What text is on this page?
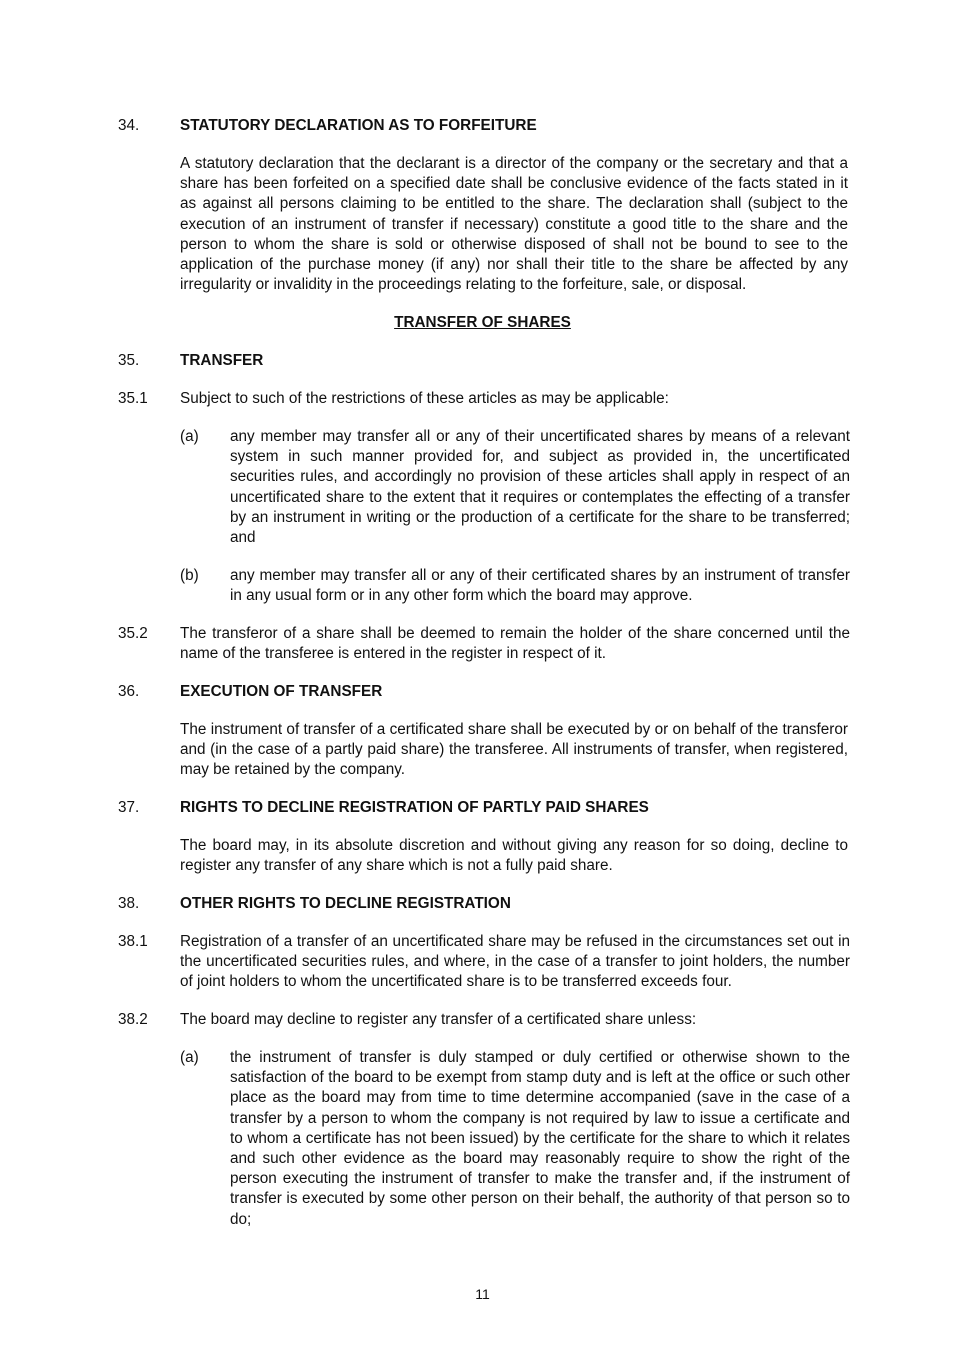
34.	STATUTORY DECLARATION AS TO FORFEITURE
A statutory declaration that the declarant is a director of the company or the secretary and that a share has been forfeited on a specified date shall be conclusive evidence of the facts stated in it as against all persons claiming to be entitled to the share. The declaration shall (subject to the execution of an instrument of transfer if necessary) constitute a good title to the share and the person to whom the share is sold or otherwise disposed of shall not be bound to see to the application of the purchase money (if any) nor shall their title to the share be affected by any irregularity or invalidity in the proceedings relating to the forfeiture, sale, or disposal.
TRANSFER OF SHARES
35.	TRANSFER
35.1	Subject to such of the restrictions of these articles as may be applicable:
(a)	any member may transfer all or any of their uncertificated shares by means of a relevant system in such manner provided for, and subject as provided in, the uncertificated securities rules, and accordingly no provision of these articles shall apply in respect of an uncertificated share to the extent that it requires or contemplates the effecting of a transfer by an instrument in writing or the production of a certificate for the share to be transferred; and
(b)	any member may transfer all or any of their certificated shares by an instrument of transfer in any usual form or in any other form which the board may approve.
35.2	The transferor of a share shall be deemed to remain the holder of the share concerned until the name of the transferee is entered in the register in respect of it.
36.	EXECUTION OF TRANSFER
The instrument of transfer of a certificated share shall be executed by or on behalf of the transferor and (in the case of a partly paid share) the transferee. All instruments of transfer, when registered, may be retained by the company.
37.	RIGHTS TO DECLINE REGISTRATION OF PARTLY PAID SHARES
The board may, in its absolute discretion and without giving any reason for so doing, decline to register any transfer of any share which is not a fully paid share.
38.	OTHER RIGHTS TO DECLINE REGISTRATION
38.1	Registration of a transfer of an uncertificated share may be refused in the circumstances set out in the uncertificated securities rules, and where, in the case of a transfer to joint holders, the number of joint holders to whom the uncertificated share is to be transferred exceeds four.
38.2	The board may decline to register any transfer of a certificated share unless:
(a)	the instrument of transfer is duly stamped or duly certified or otherwise shown to the satisfaction of the board to be exempt from stamp duty and is left at the office or such other place as the board may from time to time determine accompanied (save in the case of a transfer by a person to whom the company is not required by law to issue a certificate and to whom a certificate has not been issued) by the certificate for the share to which it relates and such other evidence as the board may reasonably require to show the right of the person executing the instrument of transfer to make the transfer and, if the instrument of transfer is executed by some other person on their behalf, the authority of that person so to do;
11
